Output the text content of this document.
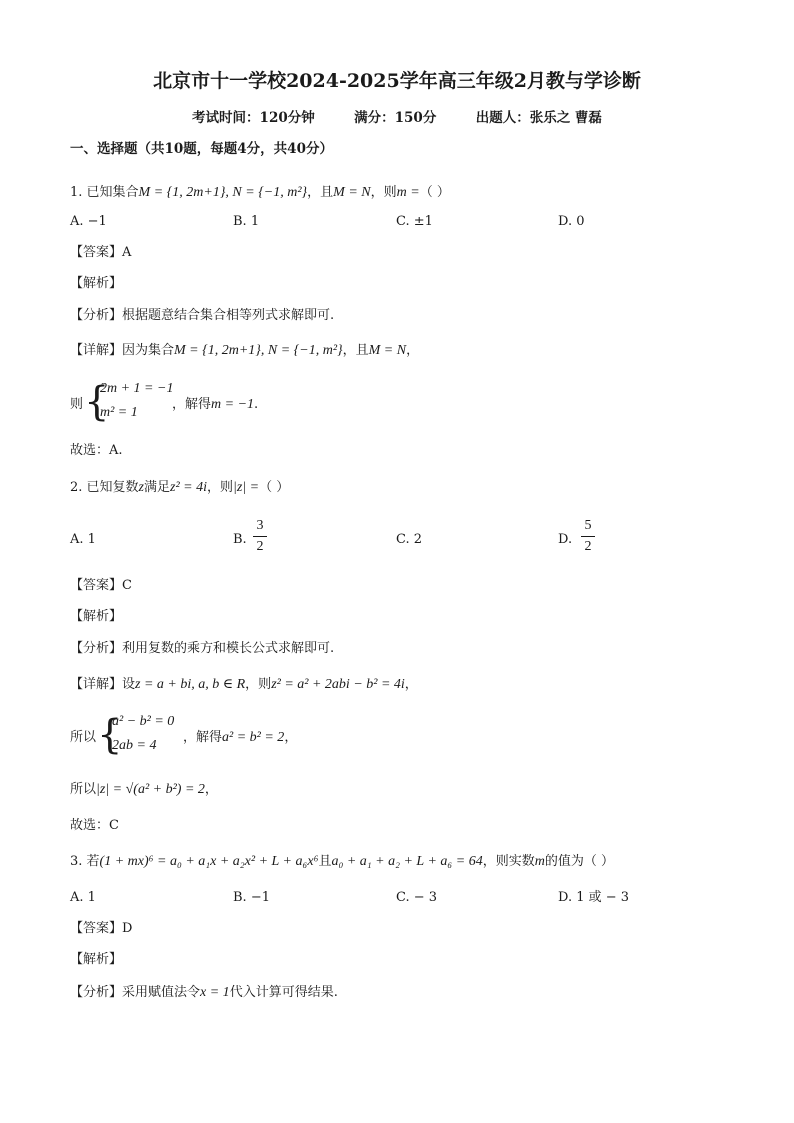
北京市十一学校2024-2025学年高三年级2月教与学诊断
考试时间：120分钟	满分：150分	出题人：张乐之 曹磊
一、选择题（共10题，每题4分，共40分）
1. 已知集合M = {1, 2m+1}, N = {−1, m²}，且M = N，则m =（ ）
A. −1	B. 1	C. ±1	D. 0
【答案】A
【解析】
【分析】根据题意结合集合相等列式求解即可.
【详解】因为集合M = {1, 2m+1}, N = {−1, m²}，且M = N，
则 {
2m + 1 = −1
m² = 1
，解得m = −1.
故选：A.
2. 已知复数z满足z² = 4i，则|z| =（ ）
A. 1	B.
3
2	C. 2	D.
5
2
【答案】C
【解析】
【分析】利用复数的乘方和模长公式求解即可.
【详解】设z = a + bi, a, b ∈ R，则z² = a² + 2abi − b² = 4i，
所以 {
a² − b² = 0
2ab = 4
，解得a² = b² = 2，
所以|z| = √(a² + b²) = 2，
故选：C
3. 若(1 + mx)⁶ = a₀ + a₁x + a₂x² + L + a₆x⁶且a₀ + a₁ + a₂ + L + a₆ = 64，则实数m的值为（ ）
A. 1	B. −1	C. − 3	D. 1 或 − 3
【答案】D
【解析】
【分析】采用赋值法令x = 1代入计算可得结果.
